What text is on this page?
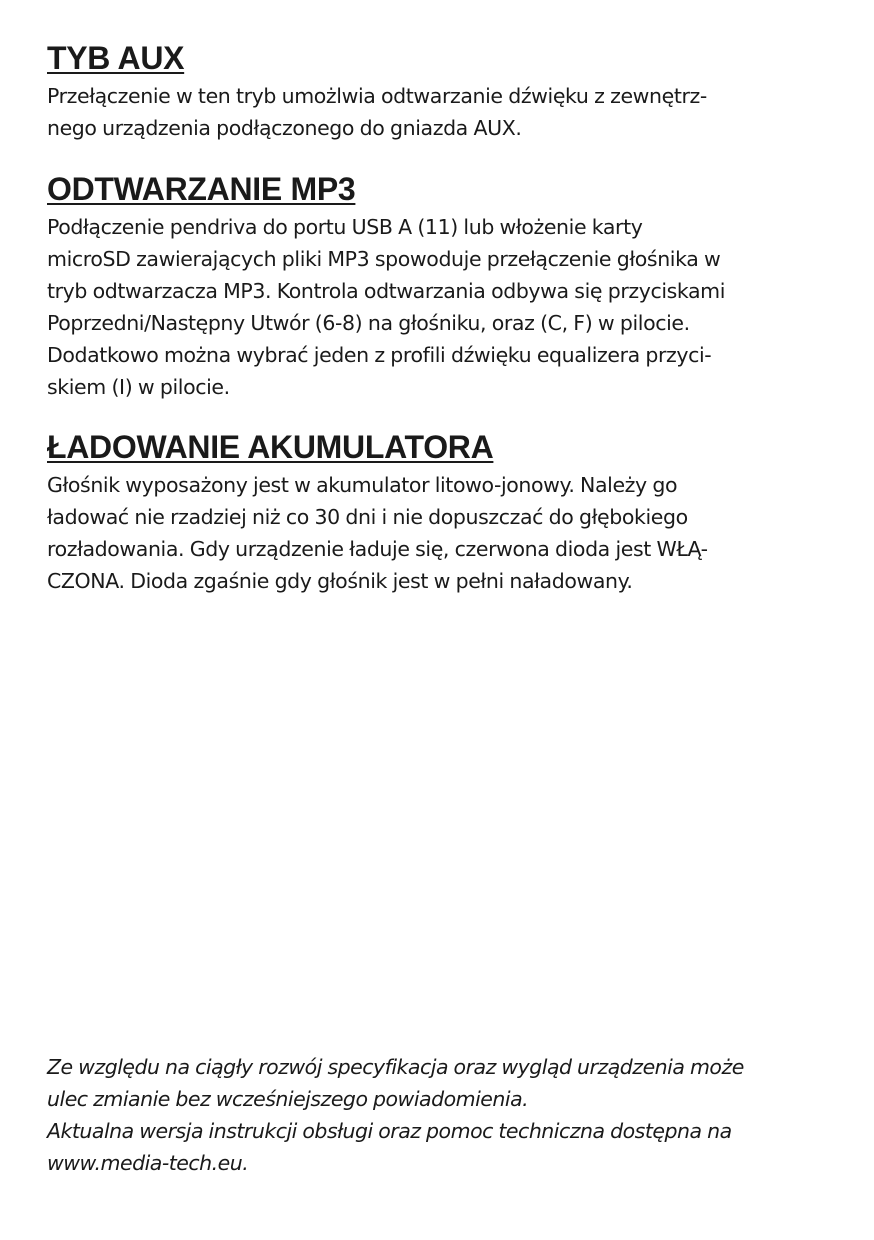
TYB AUX

Przełączenie w ten tryb umożlwia odtwarzanie dźwięku z zewnętrz-
nego urządzenia podłączonego do gniazda AUX.

ODTWARZANIE MP3

Podłączenie pendriva do portu USB A (11) lub włożenie karty
microSD zawierających pliki MP3 spowoduje przełączenie głośnika w
tryb odtwarzacza MP3. Kontrola odtwarzania odbywa się przyciskami
Poprzedni/Następny Utwór (6-8) na głośniku, oraz (C, F) w pilocie.
Dodatkowo można wybrać jeden z profili dźwięku equalizera przyci-
skiem (I) w pilocie.

ŁADOWANIE AKUMULATORA

Głośnik wyposażony jest w akumulator litowo-jonowy. Należy go
ładować nie rzadziej niż co 30 dni i nie dopuszczać do głębokiego
rozładowania. Gdy urządzenie ładuje się, czerwona dioda jest WŁĄ-
CZONA. Dioda zgaśnie gdy głośnik jest w pełni naładowany.

Ze względu na ciągły rozwój specyfikacja oraz wygląd urządzenia może
ulec zmianie bez wcześniejszego powiadomienia.
Aktualna wersja instrukcji obsługi oraz pomoc techniczna dostępna na
www.media-tech.eu.
